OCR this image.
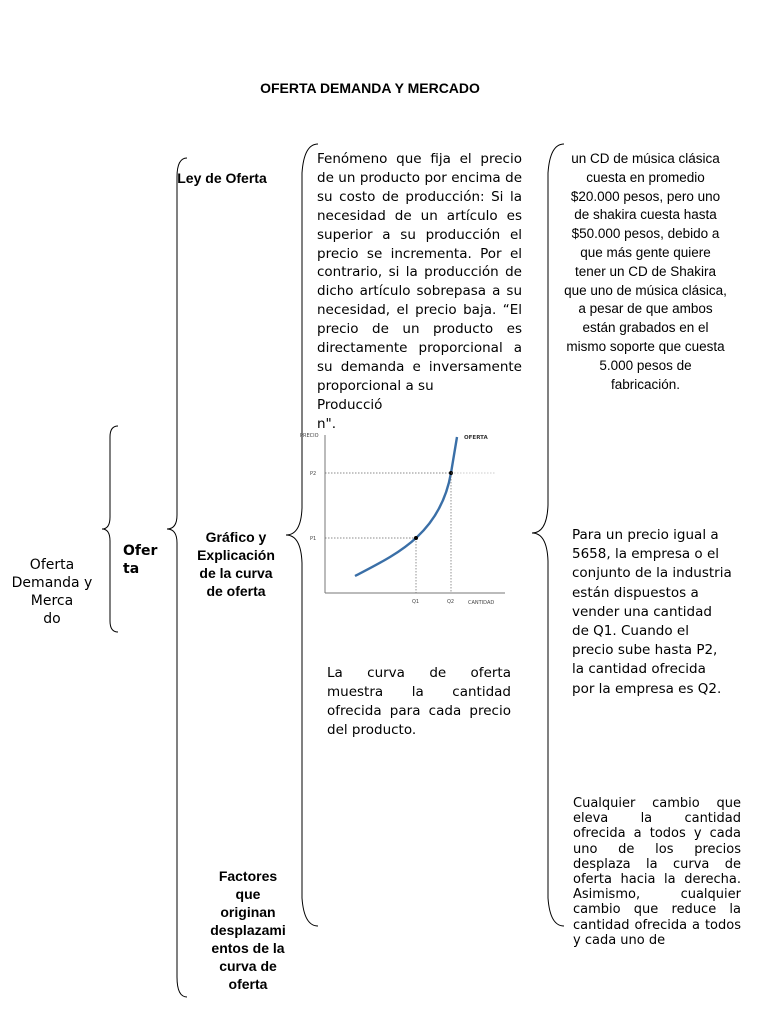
OFERTA DEMANDA Y MERCADO
Oferta
Demanda y
Merca
do
Ofer
ta
Ley de Oferta
Gráfico y
Explicación
de la curva
de oferta
Factores
que
originan
desplazami
entos de la
curva de
oferta
Fenómeno que fija el precio de un producto por encima de su costo de producción: Si la necesidad de un artículo es superior a su producción el precio se incrementa. Por el contrario, si la producción de dicho artículo sobrepasa a su necesidad, el precio baja. “El precio de un producto es directamente proporcional a su demanda e inversamente proporcional a su
Producció
n".
PRECIO
CANTIDAD
OFERTA
P1
P2
Q1	Q2
La curva de oferta muestra la cantidad ofrecida para cada precio del producto.
un CD de música clásica cuesta en promedio $20.000 pesos, pero uno de shakira cuesta hasta $50.000 pesos, debido a que más gente quiere tener un CD de Shakira que uno de música clásica, a pesar de que ambos están grabados en el mismo soporte que cuesta 5.000 pesos de fabricación.
Para un precio igual a 5658, la empresa o el conjunto de la industria están dispuestos a vender una cantidad de Q1. Cuando el precio sube hasta P2, la cantidad ofrecida por la empresa es Q2.
Cualquier cambio que eleva la cantidad ofrecida a todos y cada uno de los precios desplaza la curva de oferta hacia la derecha. Asimismo, cualquier cambio que reduce la cantidad ofrecida a todos y cada uno de
